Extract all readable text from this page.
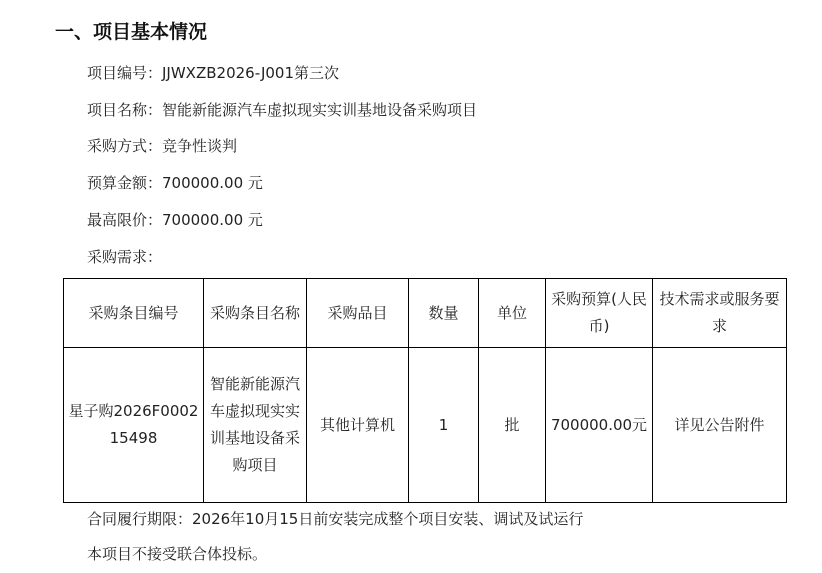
一、项目基本情况
项目编号：JJWXZB2026-J001第三次
项目名称：智能新能源汽车虚拟现实实训基地设备采购项目
采购方式：竞争性谈判
预算金额：700000.00 元
最高限价：700000.00 元
采购需求：
采购条目编号	采购条目名称	采购品目	数量	单位	采购预算(人民币)	技术需求或服务要求
星子购2026F000215498	智能新能源汽车虚拟现实实训基地设备采购项目	其他计算机	1	批	700000.00元	详见公告附件
合同履行期限：2026年10月15日前安装完成整个项目安装、调试及试运行
本项目不接受联合体投标。
